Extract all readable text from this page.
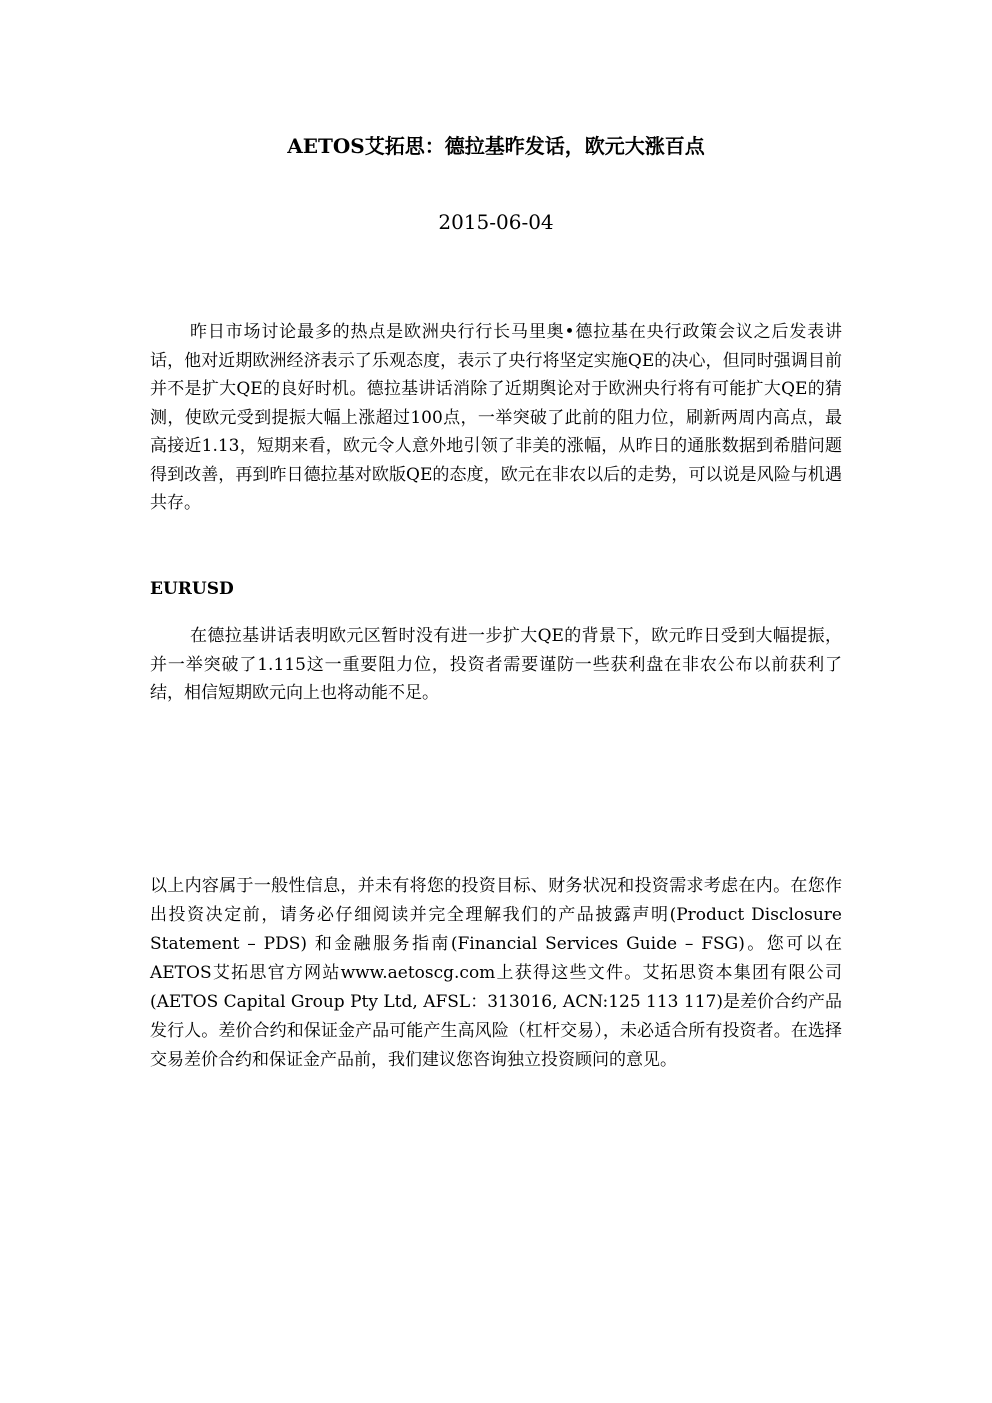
AETOS艾拓思：德拉基昨发话，欧元大涨百点
2015-06-04

昨日市场讨论最多的热点是欧洲央行行长马里奥•德拉基在央行政策会议之后发表讲话，他对近期欧洲经济表示了乐观态度，表示了央行将坚定实施QE的决心，但同时强调目前并不是扩大QE的良好时机。德拉基讲话消除了近期舆论对于欧洲央行将有可能扩大QE的猜测，使欧元受到提振大幅上涨超过100点，一举突破了此前的阻力位，刷新两周内高点，最高接近1.13，短期来看，欧元令人意外地引领了非美的涨幅，从昨日的通胀数据到希腊问题得到改善，再到昨日德拉基对欧版QE的态度，欧元在非农以后的走势，可以说是风险与机遇共存。

EURUSD

在德拉基讲话表明欧元区暂时没有进一步扩大QE的背景下，欧元昨日受到大幅提振，并一举突破了1.115这一重要阻力位，投资者需要谨防一些获利盘在非农公布以前获利了结，相信短期欧元向上也将动能不足。

以上内容属于一般性信息，并未有将您的投资目标、财务状况和投资需求考虑在内。在您作出投资决定前，请务必仔细阅读并完全理解我们的产品披露声明(Product Disclosure Statement – PDS) 和金融服务指南(Financial Services Guide – FSG)。您可以在AETOS艾拓思官方网站www.aetoscg.com上获得这些文件。艾拓思资本集团有限公司(AETOS Capital Group Pty Ltd, AFSL：313016, ACN:125 113 117)是差价合约产品发行人。差价合约和保证金产品可能产生高风险（杠杆交易），未必适合所有投资者。在选择交易差价合约和保证金产品前，我们建议您咨询独立投资顾问的意见。
